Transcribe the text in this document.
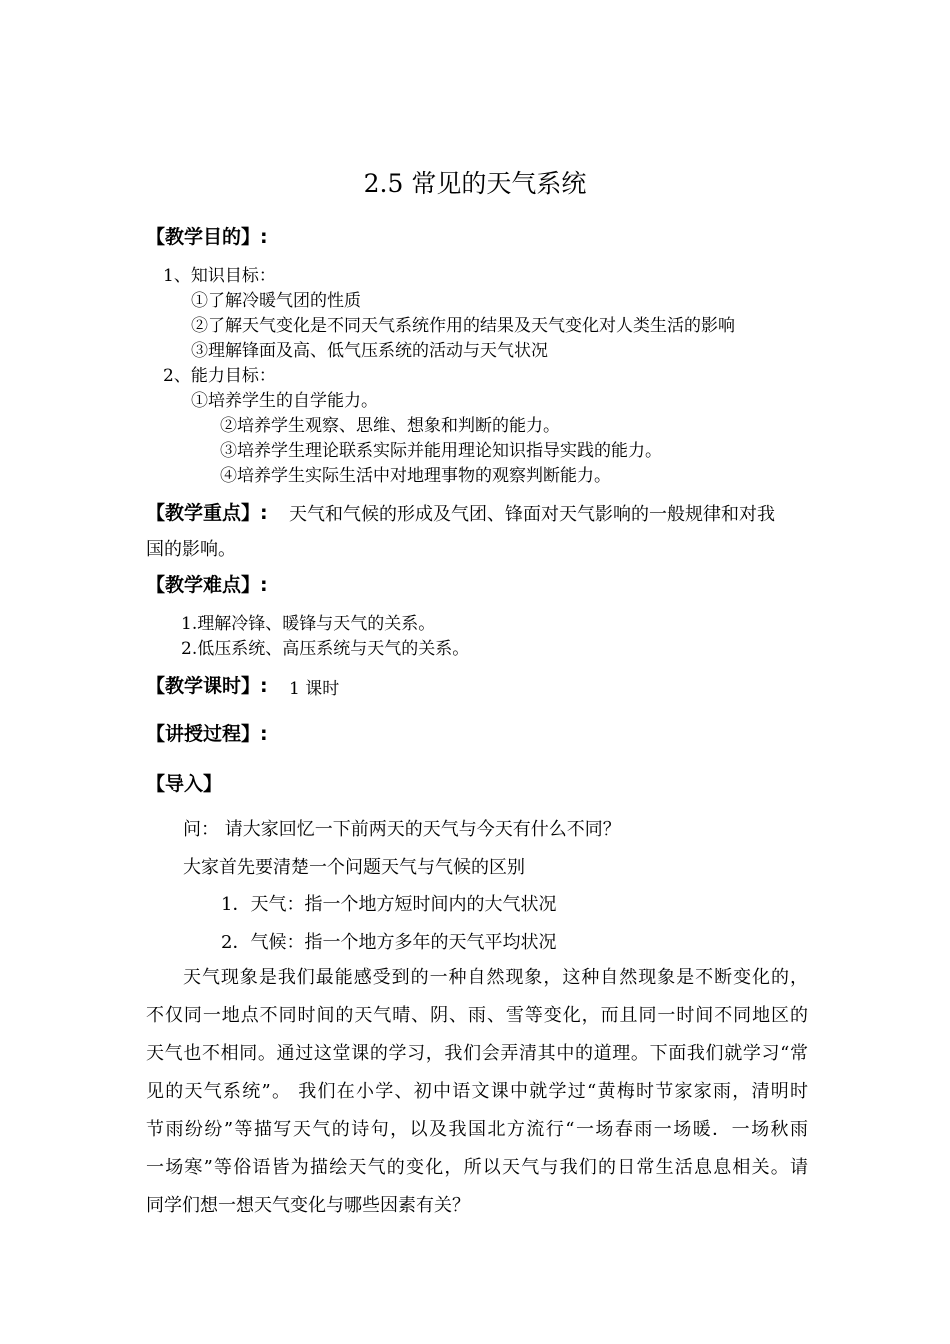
2.5 常见的天气系统
【教学目的】:
1、知识目标：
①了解冷暖气团的性质
②了解天气变化是不同天气系统作用的结果及天气变化对人类生活的影响
③理解锋面及高、低气压系统的活动与天气状况
2、能力目标：
①培养学生的自学能力。
②培养学生观察、思维、想象和判断的能力。
③培养学生理论联系实际并能用理论知识指导实践的能力。
④培养学生实际生活中对地理事物的观察判断能力。
【教学重点】: 天气和气候的形成及气团、锋面对天气影响的一般规律和对我
国的影响。
【教学难点】:
1.理解冷锋、暖锋与天气的关系。
2.低压系统、高压系统与天气的关系。
【教学课时】: 1 课时
【讲授过程】:
【导入】
问： 请大家回忆一下前两天的天气与今天有什么不同？
大家首先要清楚一个问题天气与气候的区别
1．天气：指一个地方短时间内的大气状况
2．气候：指一个地方多年的天气平均状况
天气现象是我们最能感受到的一种自然现象，这种自然现象是不断变化的，
不仅同一地点不同时间的天气晴、阴、雨、雪等变化，而且同一时间不同地区的
天气也不相同。通过这堂课的学习，我们会弄清其中的道理。下面我们就学习“常
见的天气系统”。 我们在小学、初中语文课中就学过“黄梅时节家家雨，清明时
节雨纷纷”等描写天气的诗句，以及我国北方流行“一场春雨一场暖．一场秋雨
一场寒”等俗语皆为描绘天气的变化，所以天气与我们的日常生活息息相关。请
同学们想一想天气变化与哪些因素有关？
